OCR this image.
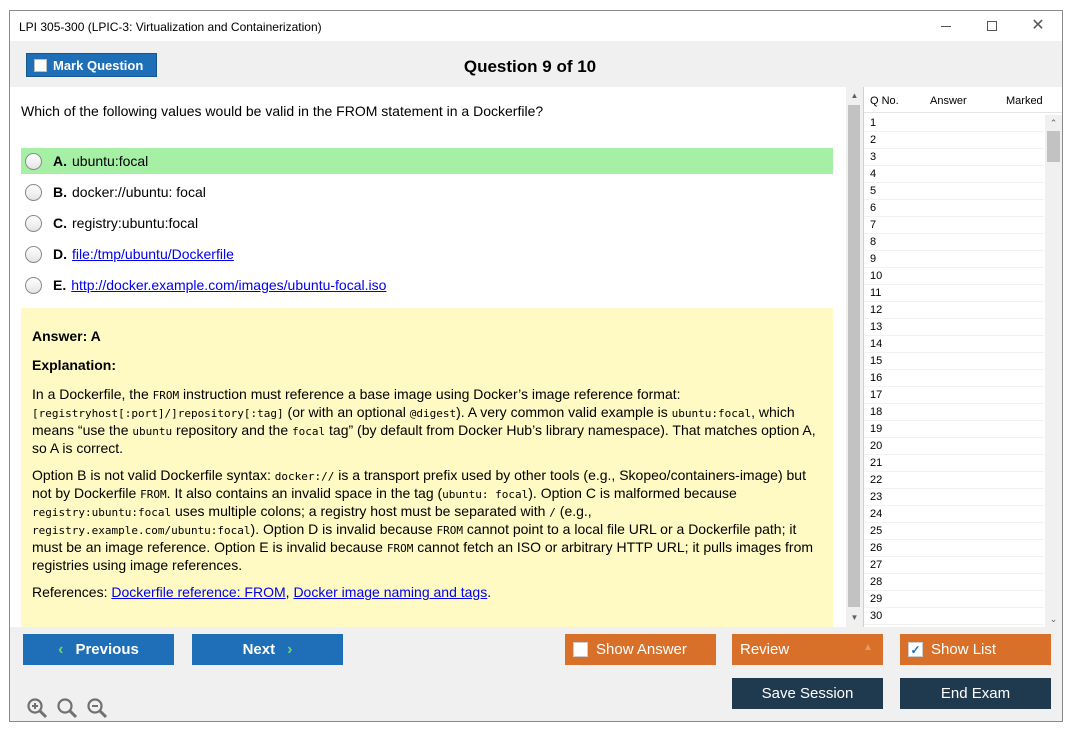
LPI 305-300 (LPIC-3: Virtualization and Containerization)	✕
Mark Question	Question 9 of 10
Which of the following values would be valid in the FROM statement in a Dockerfile?
A. ubuntu:focal
B. docker://ubuntu: focal
C. registry:ubuntu:focal
D. file:/tmp/ubuntu/Dockerfile
E. http://docker.example.com/images/ubuntu-focal.iso
Answer: A
Explanation:

In a Dockerfile, the FROM instruction must reference a base image using Docker’s image reference format: [registryhost[:port]/]repository[:tag] (or with an optional @digest). A very common valid example is ubuntu:focal, which means “use the ubuntu repository and the focal tag” (by default from Docker Hub’s library namespace). That matches option A, so A is correct.

Option B is not valid Dockerfile syntax: docker:// is a transport prefix used by other tools (e.g., Skopeo/containers-image) but not by Dockerfile FROM. It also contains an invalid space in the tag (ubuntu: focal). Option C is malformed because registry:ubuntu:focal uses multiple colons; a registry host must be separated with / (e.g., registry.example.com/ubuntu:focal). Option D is invalid because FROM cannot point to a local file URL or a Dockerfile path; it must be an image reference. Option E is invalid because FROM cannot fetch an ISO or arbitrary HTTP URL; it pulls images from registries using image references.

References: Dockerfile reference: FROM, Docker image naming and tags.

▲
▼
Q No.	Answer	Marked
1
2
3
4
5
6
7
8
9
10
11
12
13
14
15
16
17
18
19
20
21
22
23
24
25
26
27
28
29
30
⌃
⌄
‹ Previous	Next ›	Show Answer	Review	▲	✓ Show List
Save Session	End Exam
